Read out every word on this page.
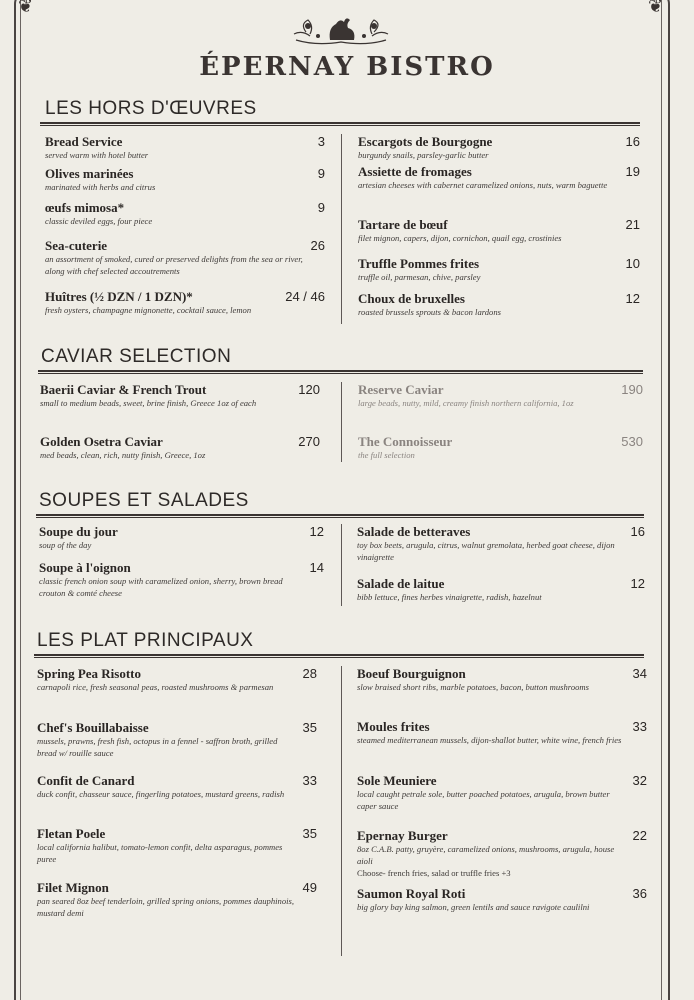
❦	❦
ÉPERNAY BISTRO
LES HORS D'ŒUVRES
Bread Service	3
served warm with hotel butter
Olives marinées	9
marinated with herbs and citrus
œufs mimosa*	9
classic deviled eggs, four piece
Sea-cuterie	26
an assortment of smoked, cured or preserved delights from the sea or river, along with chef selected accoutrements
Huîtres (½ DZN / 1 DZN)*	24 / 46
fresh oysters, champagne mignonette, cocktail sauce, lemon
Escargots de Bourgogne	16
burgundy snails, parsley-garlic butter
Assiette de fromages	19
artesian cheeses with cabernet caramelized onions, nuts, warm baguette
Tartare de bœuf	21
filet mignon, capers, dijon, cornichon, quail egg, crostinies
Truffle Pommes frites	10
truffle oil, parmesan, chive, parsley
Choux de bruxelles	12
roasted brussels sprouts & bacon lardons
CAVIAR SELECTION
Baerii Caviar & French Trout	120
small to medium beads, sweet, brine finish, Greece 1oz of each
Golden Osetra Caviar	270
med beads, clean, rich, nutty finish, Greece, 1oz
Reserve Caviar	190
large beads, nutty, mild, creamy finish northern california, 1oz
The Connoisseur	530
the full selection
SOUPES ET SALADES
Soupe du jour	12
soup of the day
Soupe à l'oignon	14
classic french onion soup with caramelized onion, sherry, brown bread crouton & comté cheese
Salade de betteraves	16
toy box beets, arugula, citrus, walnut gremolata, herbed goat cheese, dijon vinaigrette
Salade de laitue	12
bibb lettuce, fines herbes vinaigrette, radish, hazelnut
LES PLAT PRINCIPAUX
Spring Pea Risotto	28
carnapoli rice, fresh seasonal peas, roasted mushrooms & parmesan
Chef's Bouillabaisse	35
mussels, prawns, fresh fish, octopus in a fennel - saffron broth, grilled bread w/ rouille sauce
Confit de Canard	33
duck confit, chasseur sauce, fingerling potatoes, mustard greens, radish
Fletan Poele	35
local california halibut, tomato-lemon confit, delta asparagus, pommes puree
Filet Mignon	49
pan seared 8oz beef tenderloin, grilled spring onions, pommes dauphinois, mustard demi
Boeuf Bourguignon	34
slow braised short ribs, marble potatoes, bacon, button mushrooms
Moules frites	33
steamed mediterranean mussels, dijon-shallot butter, white wine, french fries
Sole Meuniere	32
local caught petrale sole, butter poached potatoes, arugula, brown butter caper sauce
Epernay Burger	22
8oz C.A.B. patty, gruyère, caramelized onions, mushrooms, arugula, house aioli
Choose- french fries, salad or truffle fries +3
Saumon Royal Roti	36
big glory bay king salmon, green lentils and sauce ravigote caulilni
